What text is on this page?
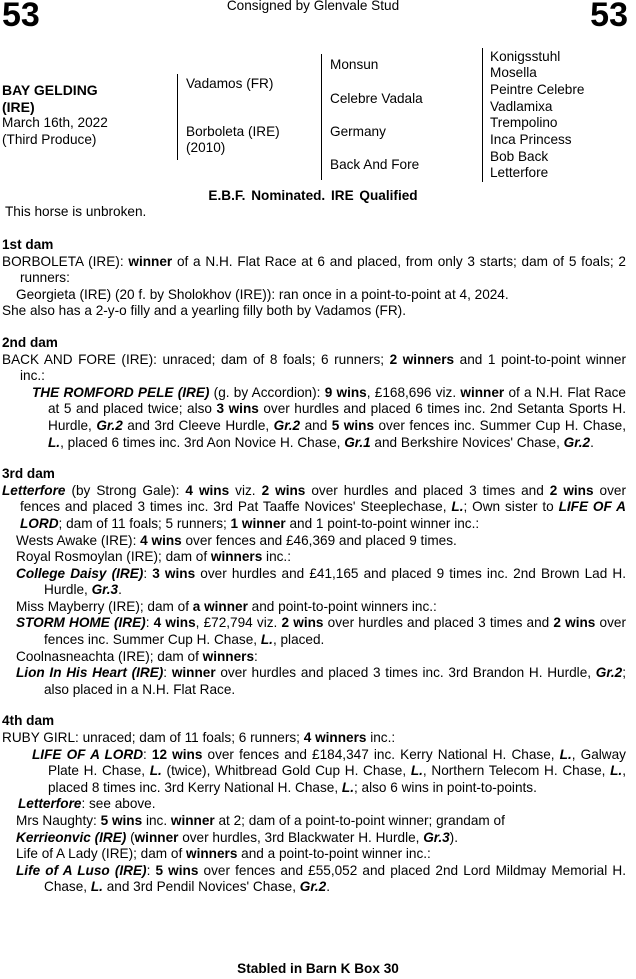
53	Consigned by Glenvale Stud	53
BAY GELDING
(IRE)
March 16th, 2022
(Third Produce)
Vadamos (FR)
Borboleta (IRE)
(2010)
Monsun
Celebre Vadala
Germany
Back And Fore
Konigsstuhl
Mosella
Peintre Celebre
Vadlamixa
Trempolino
Inca Princess
Bob Back
Letterfore
E.B.F. Nominated. IRE Qualified
This horse is unbroken.
1st dam

BORBOLETA (IRE): winner of a N.H. Flat Race at 6 and placed, from only 3 starts; dam of 5 foals; 2 runners:

Georgieta (IRE) (20 f. by Sholokhov (IRE)): ran once in a point-to-point at 4, 2024.

She also has a 2-y-o filly and a yearling filly both by Vadamos (FR).

2nd dam

BACK AND FORE (IRE): unraced; dam of 8 foals; 6 runners; 2 winners and 1 point-to-point winner inc.:

THE ROMFORD PELE (IRE) (g. by Accordion): 9 wins, £168,696 viz. winner of a N.H. Flat Race at 5 and placed twice; also 3 wins over hurdles and placed 6 times inc. 2nd Setanta Sports H. Hurdle, Gr.2 and 3rd Cleeve Hurdle, Gr.2 and 5 wins over fences inc. Summer Cup H. Chase, L., placed 6 times inc. 3rd Aon Novice H. Chase, Gr.1 and Berkshire Novices' Chase, Gr.2.

3rd dam

Letterfore (by Strong Gale): 4 wins viz. 2 wins over hurdles and placed 3 times and 2 wins over fences and placed 3 times inc. 3rd Pat Taaffe Novices' Steeplechase, L.; Own sister to LIFE OF A LORD; dam of 11 foals; 5 runners; 1 winner and 1 point-to-point winner inc.:

Wests Awake (IRE): 4 wins over fences and £46,369 and placed 9 times.

Royal Rosmoylan (IRE); dam of winners inc.:

College Daisy (IRE): 3 wins over hurdles and £41,165 and placed 9 times inc. 2nd Brown Lad H. Hurdle, Gr.3.

Miss Mayberry (IRE); dam of a winner and point-to-point winners inc.:

STORM HOME (IRE): 4 wins, £72,794 viz. 2 wins over hurdles and placed 3 times and 2 wins over fences inc. Summer Cup H. Chase, L., placed.

Coolnasneachta (IRE); dam of winners:

Lion In His Heart (IRE): winner over hurdles and placed 3 times inc. 3rd Brandon H. Hurdle, Gr.2; also placed in a N.H. Flat Race.

4th dam

RUBY GIRL: unraced; dam of 11 foals; 6 runners; 4 winners inc.:

LIFE OF A LORD: 12 wins over fences and £184,347 inc. Kerry National H. Chase, L., Galway Plate H. Chase, L. (twice), Whitbread Gold Cup H. Chase, L., Northern Telecom H. Chase, L., placed 8 times inc. 3rd Kerry National H. Chase, L.; also 6 wins in point-to-points.

Letterfore: see above.

Mrs Naughty: 5 wins inc. winner at 2; dam of a point-to-point winner; grandam of

Kerrieonvic (IRE) (winner over hurdles, 3rd Blackwater H. Hurdle, Gr.3).

Life of A Lady (IRE); dam of winners and a point-to-point winner inc.:

Life of A Luso (IRE): 5 wins over fences and £55,052 and placed 2nd Lord Mildmay Memorial H. Chase, L. and 3rd Pendil Novices' Chase, Gr.2.

Stabled in Barn K Box 30
